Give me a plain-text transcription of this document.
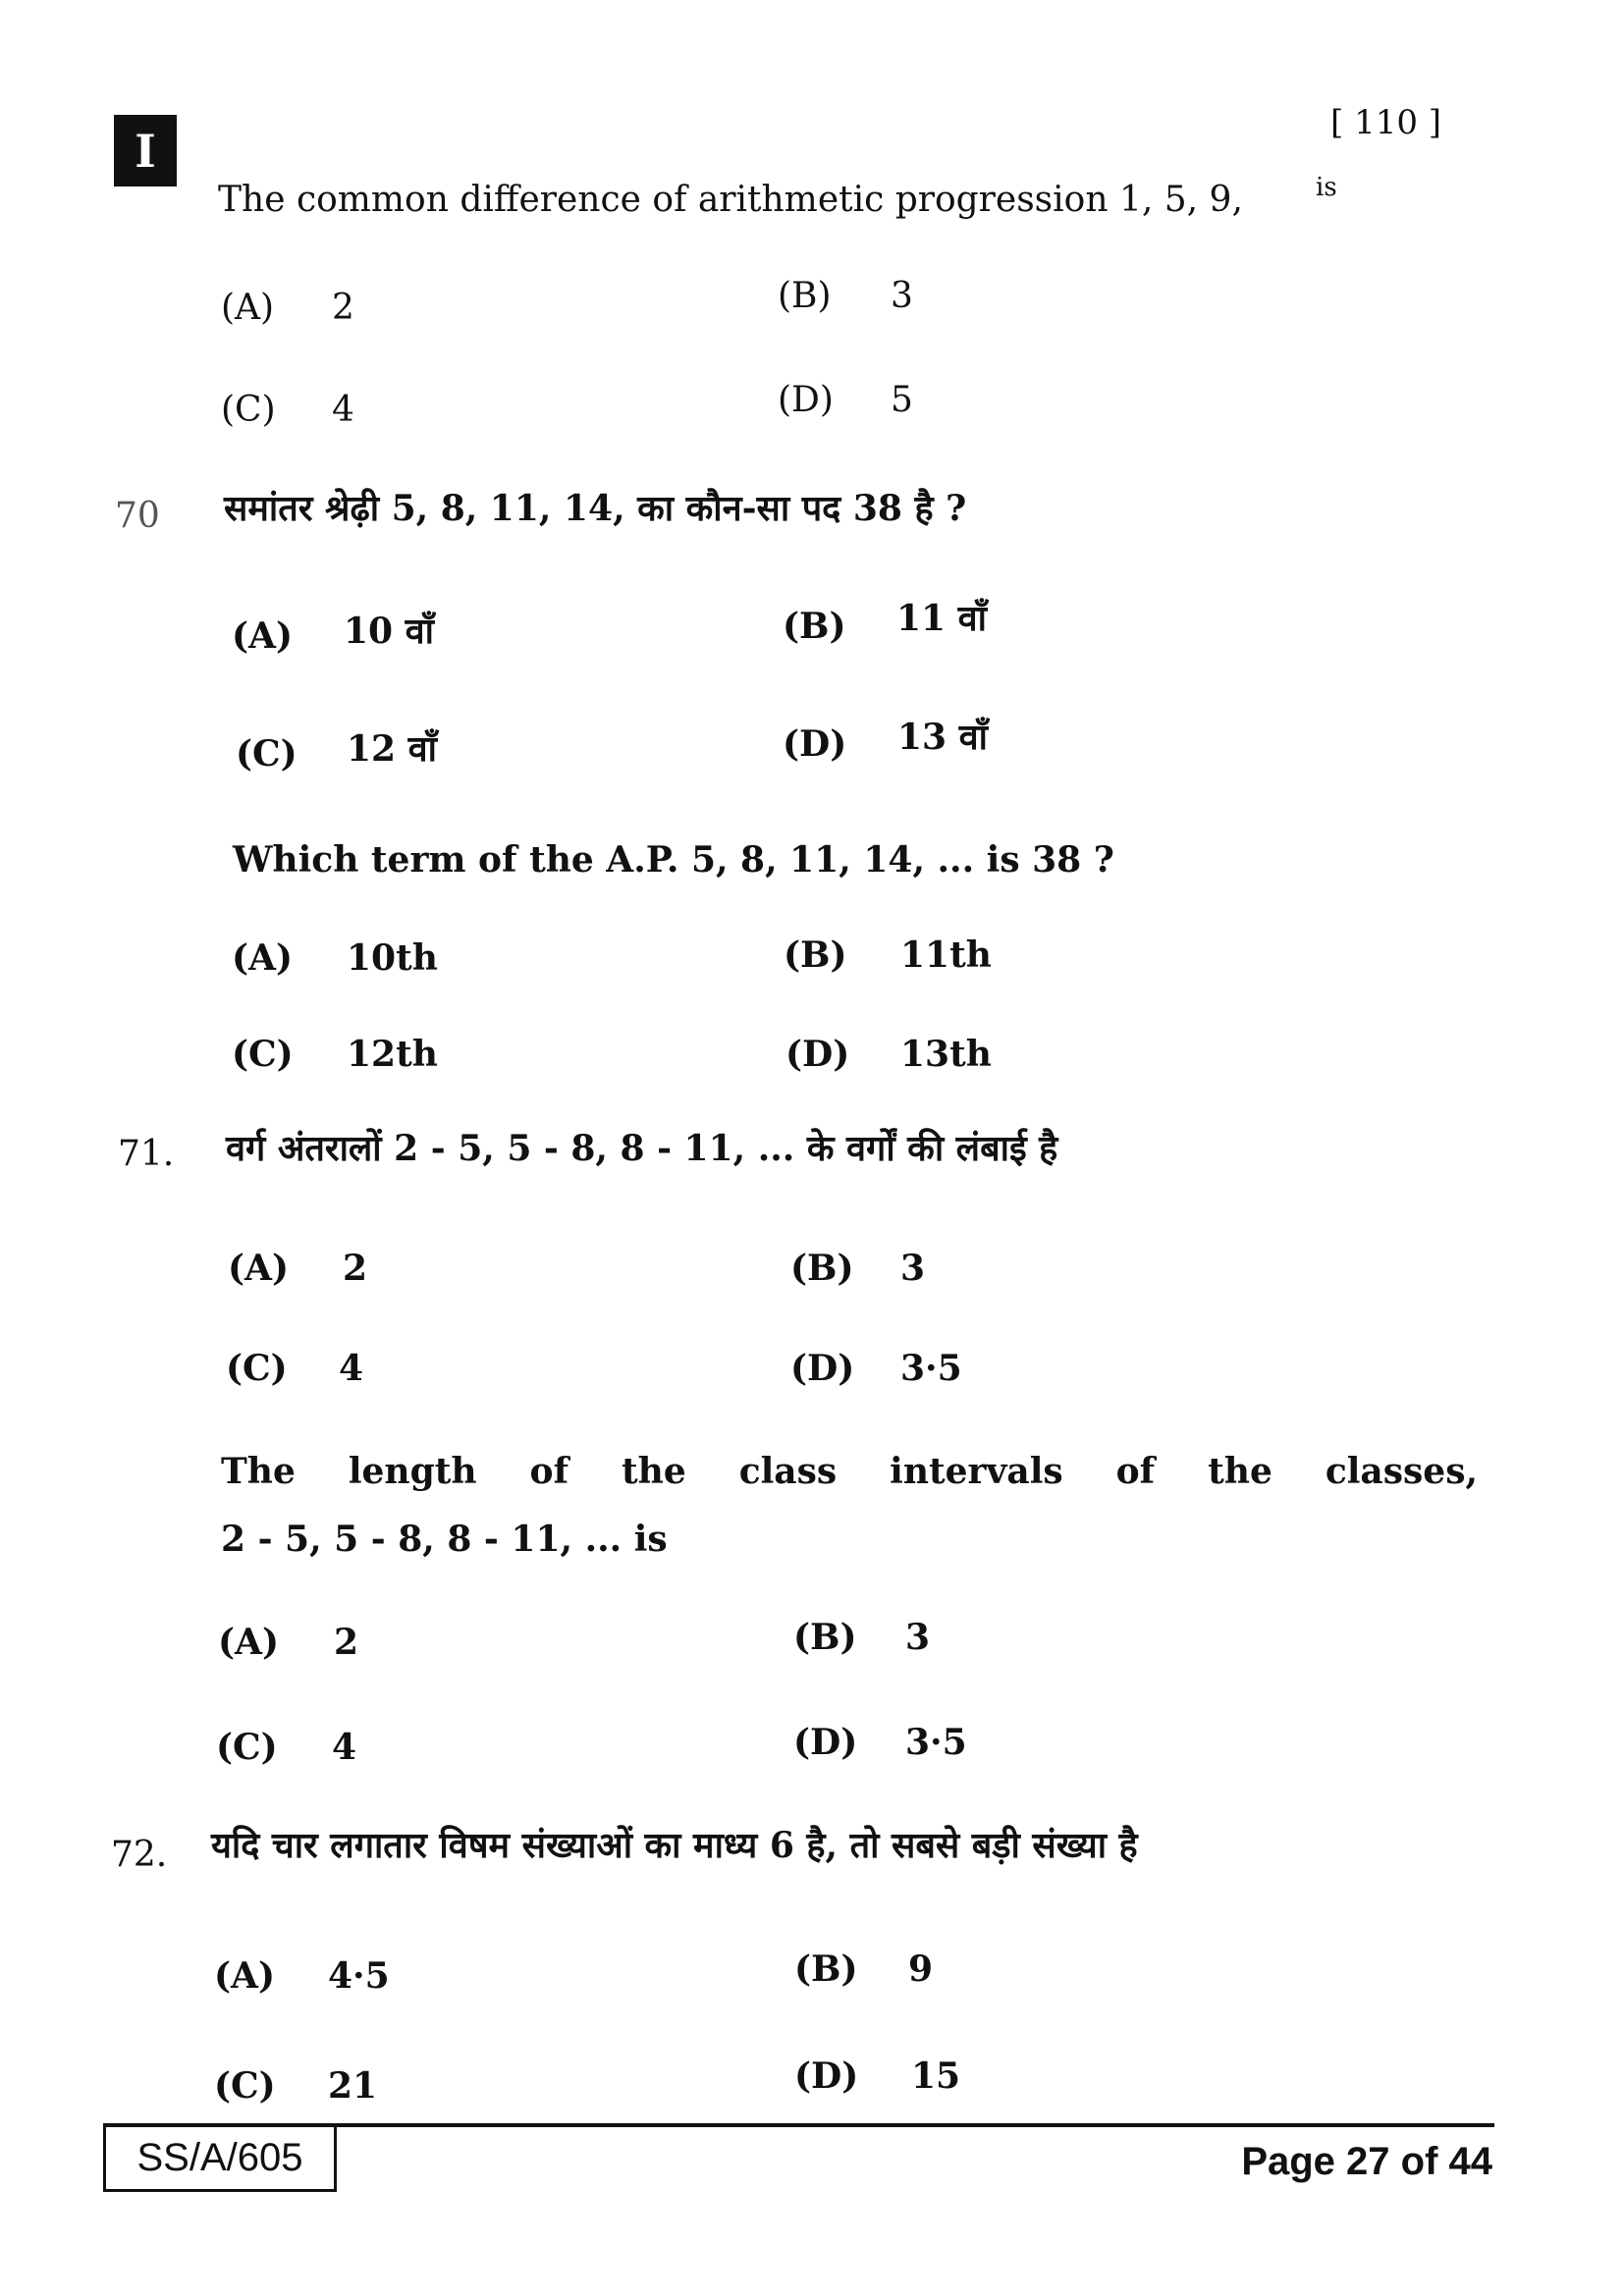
I
[ 110 ]
The common difference of arithmetic progression 1, 5, 9,	is
(A) 2	(B) 3
(C) 4	(D) 5
70 समांतर श्रेढ़ी 5, 8, 11, 14, का कौन-सा पद 38 है ?
(A) 10 वाँ	(B) 11 वाँ
(C) 12 वाँ	(D) 13 वाँ
Which term of the A.P. 5, 8, 11, 14, ... is 38 ?
(A) 10th	(B) 11th
(C) 12th	(D) 13th
71. वर्ग अंतरालों 2 - 5, 5 - 8, 8 - 11, ... के वर्गों की लंबाई है
(A) 2	(B) 3
(C) 4	(D) 3·5
The length of the class intervals of the classes,
2 - 5, 5 - 8, 8 - 11, ... is
(A) 2	(B) 3
(C) 4	(D) 3·5
72. यदि चार लगातार विषम संख्याओं का माध्य 6 है, तो सबसे बड़ी संख्या है
(A) 4·5	(B) 9
(C) 21	(D) 15
SS/A/605	Page 27 of 44
